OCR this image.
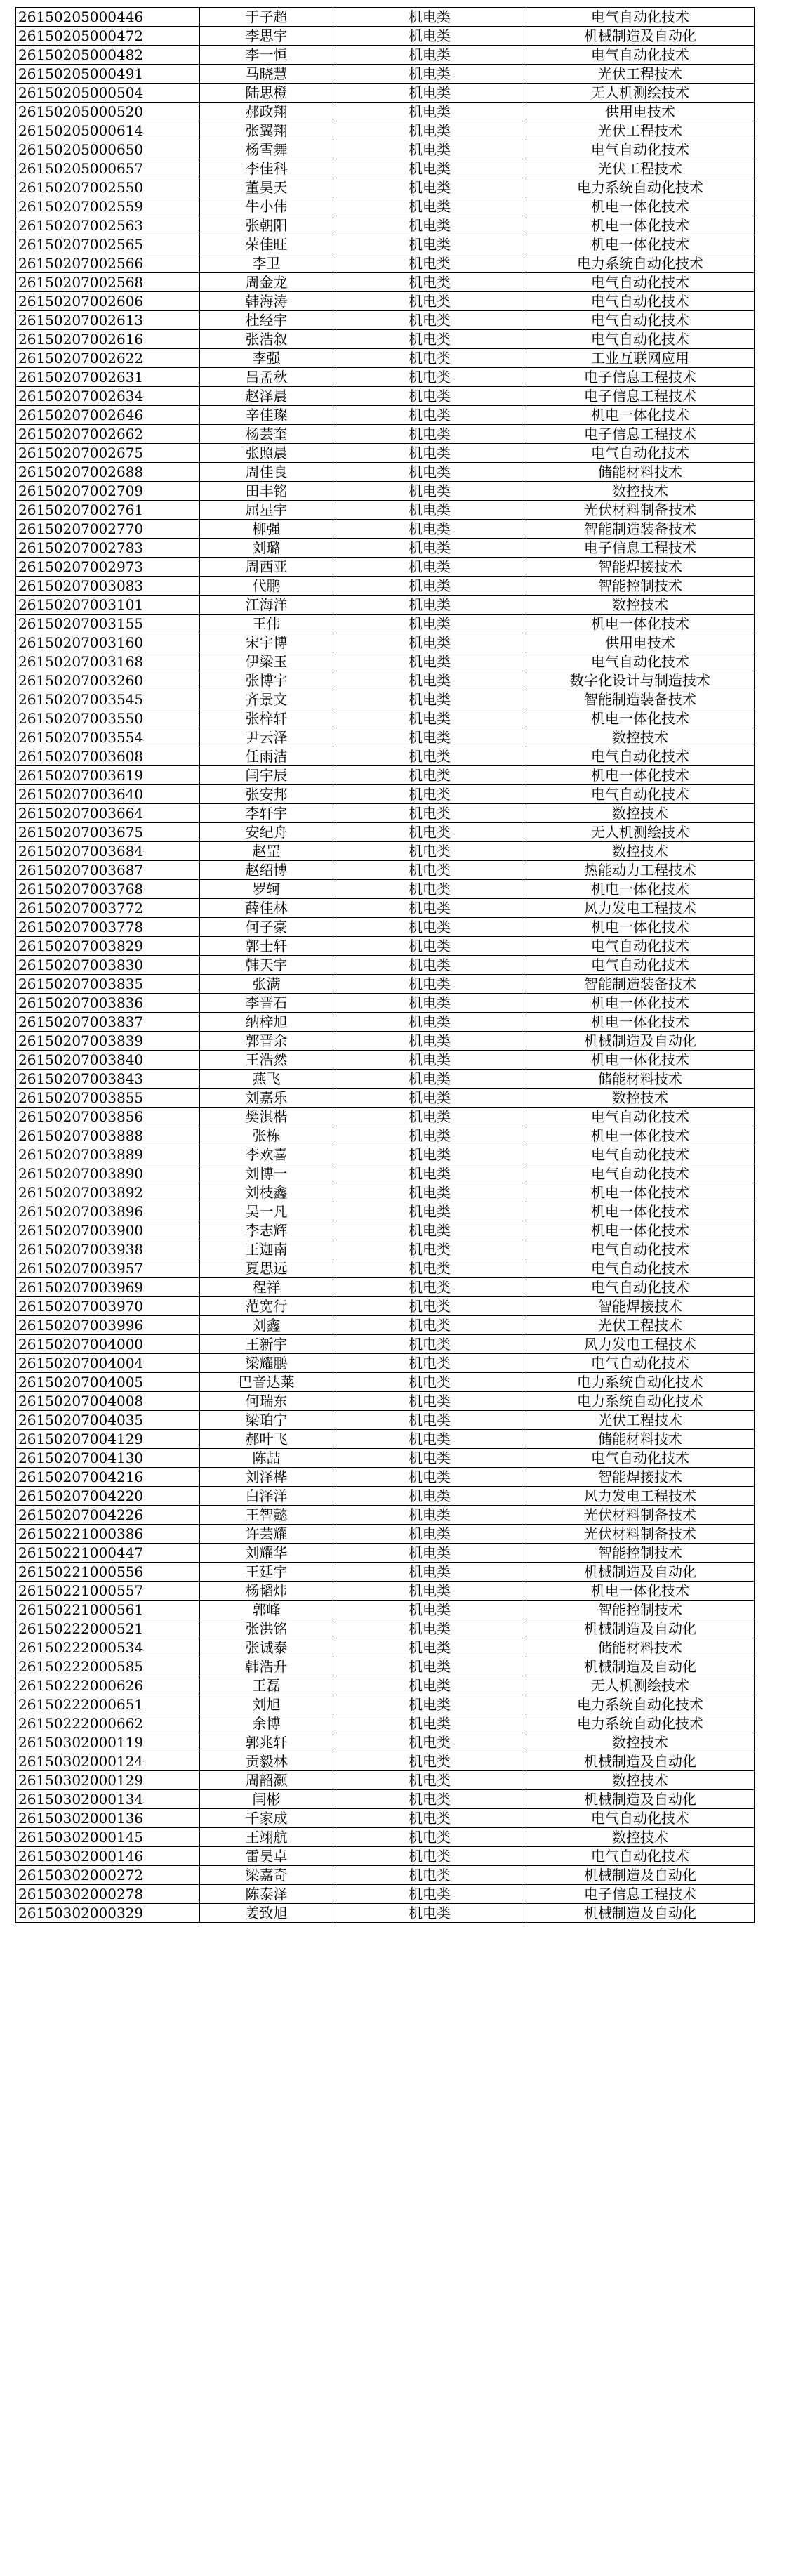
26150205000446	于子超	机电类	电气自动化技术
26150205000472	李思宇	机电类	机械制造及自动化
26150205000482	李一恒	机电类	电气自动化技术
26150205000491	马晓慧	机电类	光伏工程技术
26150205000504	陆思橙	机电类	无人机测绘技术
26150205000520	郝政翔	机电类	供用电技术
26150205000614	张翼翔	机电类	光伏工程技术
26150205000650	杨雪舞	机电类	电气自动化技术
26150205000657	李佳科	机电类	光伏工程技术
26150207002550	董昊天	机电类	电力系统自动化技术
26150207002559	牛小伟	机电类	机电一体化技术
26150207002563	张朝阳	机电类	机电一体化技术
26150207002565	荣佳旺	机电类	机电一体化技术
26150207002566	李卫	机电类	电力系统自动化技术
26150207002568	周金龙	机电类	电气自动化技术
26150207002606	韩海涛	机电类	电气自动化技术
26150207002613	杜经宇	机电类	电气自动化技术
26150207002616	张浩叙	机电类	电气自动化技术
26150207002622	李强	机电类	工业互联网应用
26150207002631	吕孟秋	机电类	电子信息工程技术
26150207002634	赵泽晨	机电类	电子信息工程技术
26150207002646	辛佳璨	机电类	机电一体化技术
26150207002662	杨芸奎	机电类	电子信息工程技术
26150207002675	张照晨	机电类	电气自动化技术
26150207002688	周佳良	机电类	储能材料技术
26150207002709	田丰铭	机电类	数控技术
26150207002761	屈星宇	机电类	光伏材料制备技术
26150207002770	柳强	机电类	智能制造装备技术
26150207002783	刘璐	机电类	电子信息工程技术
26150207002973	周西亚	机电类	智能焊接技术
26150207003083	代鹏	机电类	智能控制技术
26150207003101	江海洋	机电类	数控技术
26150207003155	王伟	机电类	机电一体化技术
26150207003160	宋宇博	机电类	供用电技术
26150207003168	伊梁玉	机电类	电气自动化技术
26150207003260	张博宇	机电类	数字化设计与制造技术
26150207003545	齐景文	机电类	智能制造装备技术
26150207003550	张梓轩	机电类	机电一体化技术
26150207003554	尹云泽	机电类	数控技术
26150207003608	任雨洁	机电类	电气自动化技术
26150207003619	闫宇辰	机电类	机电一体化技术
26150207003640	张安邦	机电类	电气自动化技术
26150207003664	李轩宇	机电类	数控技术
26150207003675	安纪舟	机电类	无人机测绘技术
26150207003684	赵罡	机电类	数控技术
26150207003687	赵绍博	机电类	热能动力工程技术
26150207003768	罗轲	机电类	机电一体化技术
26150207003772	薛佳林	机电类	风力发电工程技术
26150207003778	何子豪	机电类	机电一体化技术
26150207003829	郭士轩	机电类	电气自动化技术
26150207003830	韩天宇	机电类	电气自动化技术
26150207003835	张满	机电类	智能制造装备技术
26150207003836	李晋石	机电类	机电一体化技术
26150207003837	纳梓旭	机电类	机电一体化技术
26150207003839	郭晋余	机电类	机械制造及自动化
26150207003840	王浩然	机电类	机电一体化技术
26150207003843	燕飞	机电类	储能材料技术
26150207003855	刘嘉乐	机电类	数控技术
26150207003856	樊淇楷	机电类	电气自动化技术
26150207003888	张栋	机电类	机电一体化技术
26150207003889	李欢喜	机电类	电气自动化技术
26150207003890	刘博一	机电类	电气自动化技术
26150207003892	刘枝鑫	机电类	机电一体化技术
26150207003896	吴一凡	机电类	机电一体化技术
26150207003900	李志辉	机电类	机电一体化技术
26150207003938	王迦南	机电类	电气自动化技术
26150207003957	夏思远	机电类	电气自动化技术
26150207003969	程祥	机电类	电气自动化技术
26150207003970	范宽行	机电类	智能焊接技术
26150207003996	刘鑫	机电类	光伏工程技术
26150207004000	王新宇	机电类	风力发电工程技术
26150207004004	梁耀鹏	机电类	电气自动化技术
26150207004005	巴音达莱	机电类	电力系统自动化技术
26150207004008	何瑞东	机电类	电力系统自动化技术
26150207004035	梁珀宁	机电类	光伏工程技术
26150207004129	郝叶飞	机电类	储能材料技术
26150207004130	陈喆	机电类	电气自动化技术
26150207004216	刘泽桦	机电类	智能焊接技术
26150207004220	白泽洋	机电类	风力发电工程技术
26150207004226	王智懿	机电类	光伏材料制备技术
26150221000386	许芸耀	机电类	光伏材料制备技术
26150221000447	刘耀华	机电类	智能控制技术
26150221000556	王廷宇	机电类	机械制造及自动化
26150221000557	杨韬炜	机电类	机电一体化技术
26150221000561	郭峰	机电类	智能控制技术
26150222000521	张洪铭	机电类	机械制造及自动化
26150222000534	张诚泰	机电类	储能材料技术
26150222000585	韩浩升	机电类	机械制造及自动化
26150222000626	王磊	机电类	无人机测绘技术
26150222000651	刘旭	机电类	电力系统自动化技术
26150222000662	余博	机电类	电力系统自动化技术
26150302000119	郭兆轩	机电类	数控技术
26150302000124	贡毅林	机电类	机械制造及自动化
26150302000129	周韶灏	机电类	数控技术
26150302000134	闫彬	机电类	机械制造及自动化
26150302000136	千家成	机电类	电气自动化技术
26150302000145	王翊航	机电类	数控技术
26150302000146	雷昊卓	机电类	电气自动化技术
26150302000272	梁嘉奇	机电类	机械制造及自动化
26150302000278	陈泰泽	机电类	电子信息工程技术
26150302000329	姜致旭	机电类	机械制造及自动化
